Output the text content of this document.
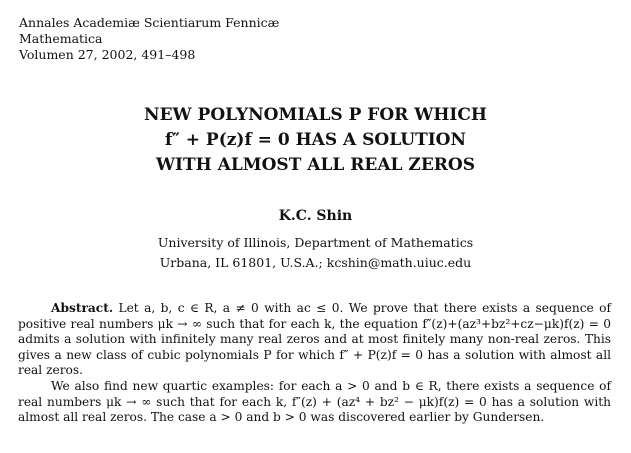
Annales Academiæ Scientiarum Fennicæ
Mathematica
Volumen 27, 2002, 491–498
NEW POLYNOMIALS P FOR WHICH
f″ + P(z)f = 0 HAS A SOLUTION
WITH ALMOST ALL REAL ZEROS
K.C. Shin
University of Illinois, Department of Mathematics
Urbana, IL 61801, U.S.A.; kcshin@math.uiuc.edu

Abstract. Let a, b, c ∈ R, a ≠ 0 with ac ≤ 0. We prove that there exists a sequence of positive real numbers μk → ∞ such that for each k, the equation f″(z)+(az³+bz²+cz−μk)f(z) = 0 admits a solution with infinitely many real zeros and at most finitely many non-real zeros. This gives a new class of cubic polynomials P for which f″ + P(z)f = 0 has a solution with almost all real zeros.

We also find new quartic examples: for each a > 0 and b ∈ R, there exists a sequence of real numbers μk → ∞ such that for each k, f″(z) + (az⁴ + bz² − μk)f(z) = 0 has a solution with almost all real zeros. The case a > 0 and b > 0 was discovered earlier by Gundersen.
